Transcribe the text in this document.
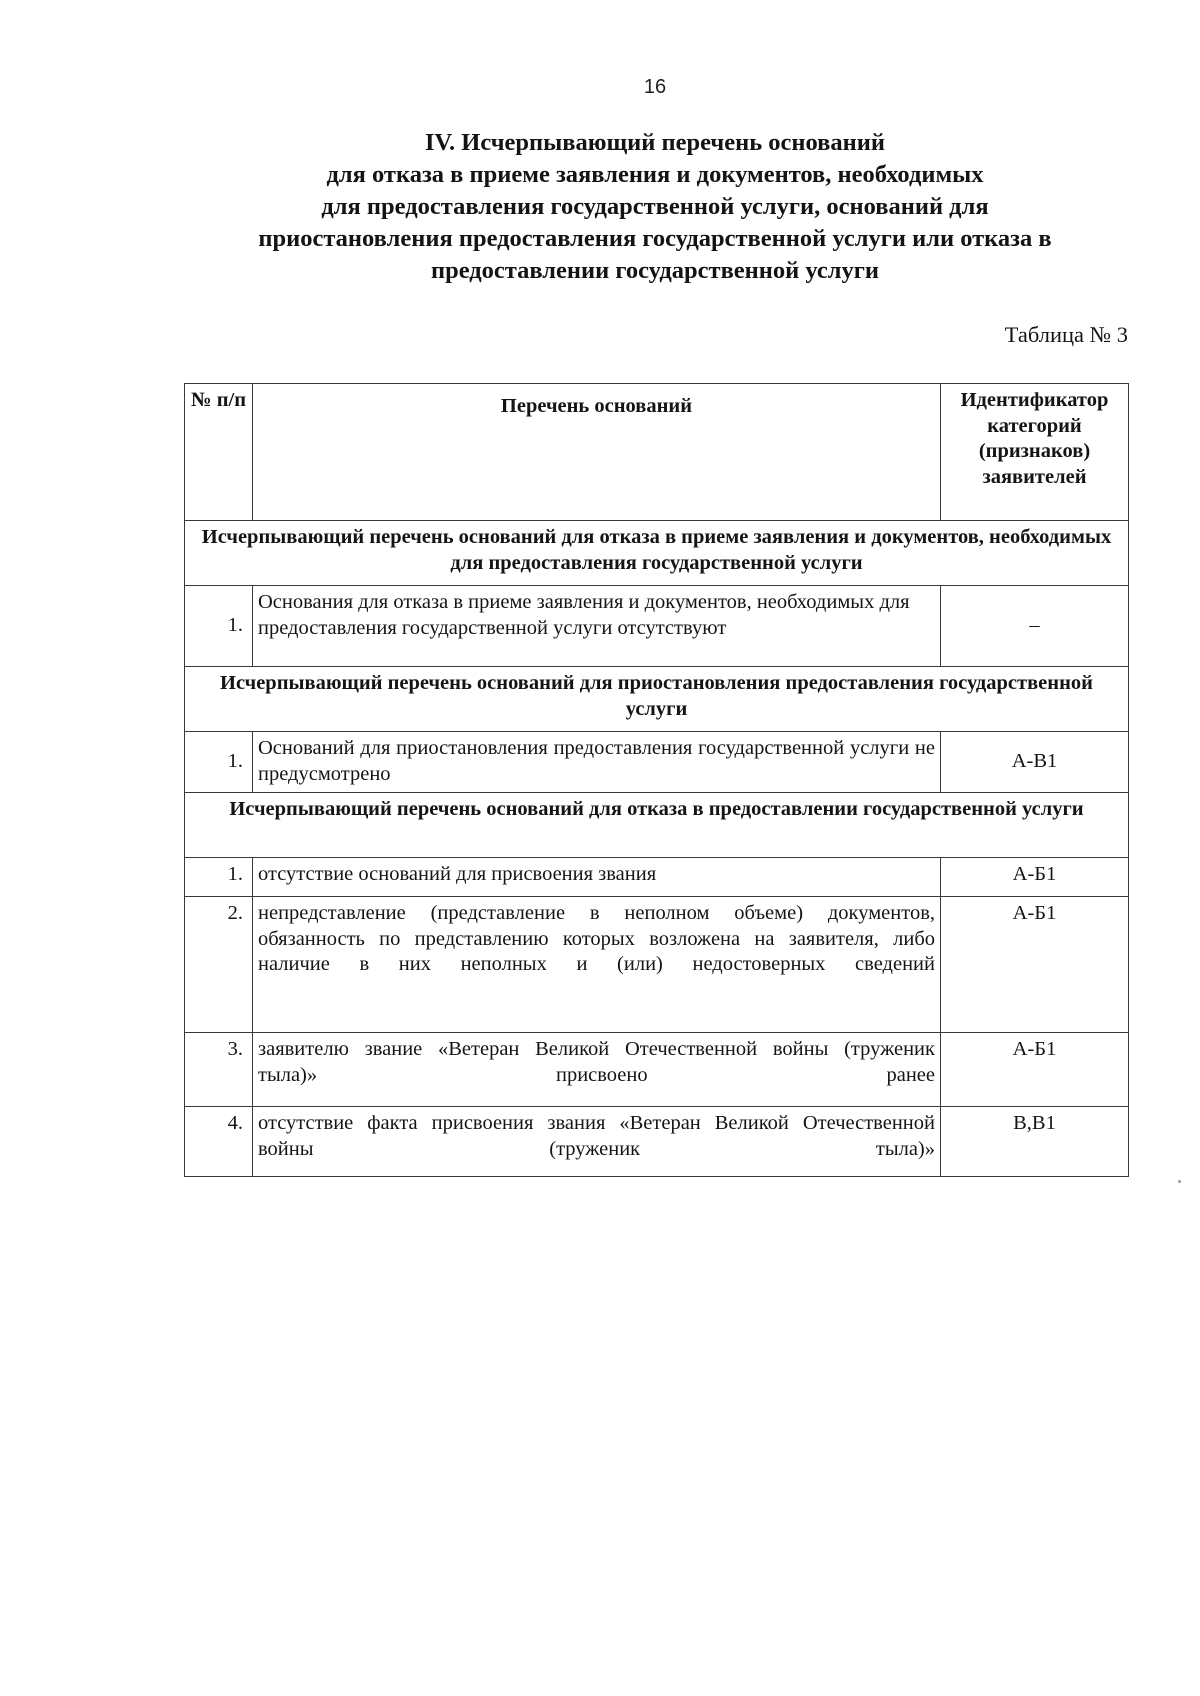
16
IV. Исчерпывающий перечень оснований
для отказа в приеме заявления и документов, необходимых
для предоставления государственной услуги, оснований для
приостановления предоставления государственной услуги или отказа в
предоставлении государственной услуги
Таблица № 3
№ п/п	Перечень оснований	Идентификатор категорий (признаков) заявителей
Исчерпывающий перечень оснований для отказа в приеме заявления и документов, необходимых для предоставления государственной услуги		
1.	Основания для отказа в приеме заявления и документов, необходимых для предоставления государственной услуги отсутствуют	–
Исчерпывающий перечень оснований для приостановления предоставления государственной услуги		
1.	Оснований для приостановления предоставления государственной услуги не предусмотрено	А-В1
Исчерпывающий перечень оснований для отказа в предоставлении государственной услуги		
1.	отсутствие оснований для присвоения звания	А-Б1
2.	непредставление (представление в неполном объеме) документов, обязанность по представлению которых возложена на заявителя, либо наличие в них неполных и (или) недостоверных сведений	А-Б1
3.	заявителю звание «Ветеран Великой Отечественной войны (труженик тыла)» присвоено ранее	А-Б1
4.	отсутствие факта присвоения звания «Ветеран Великой Отечественной войны (труженик тыла)»	В,В1
